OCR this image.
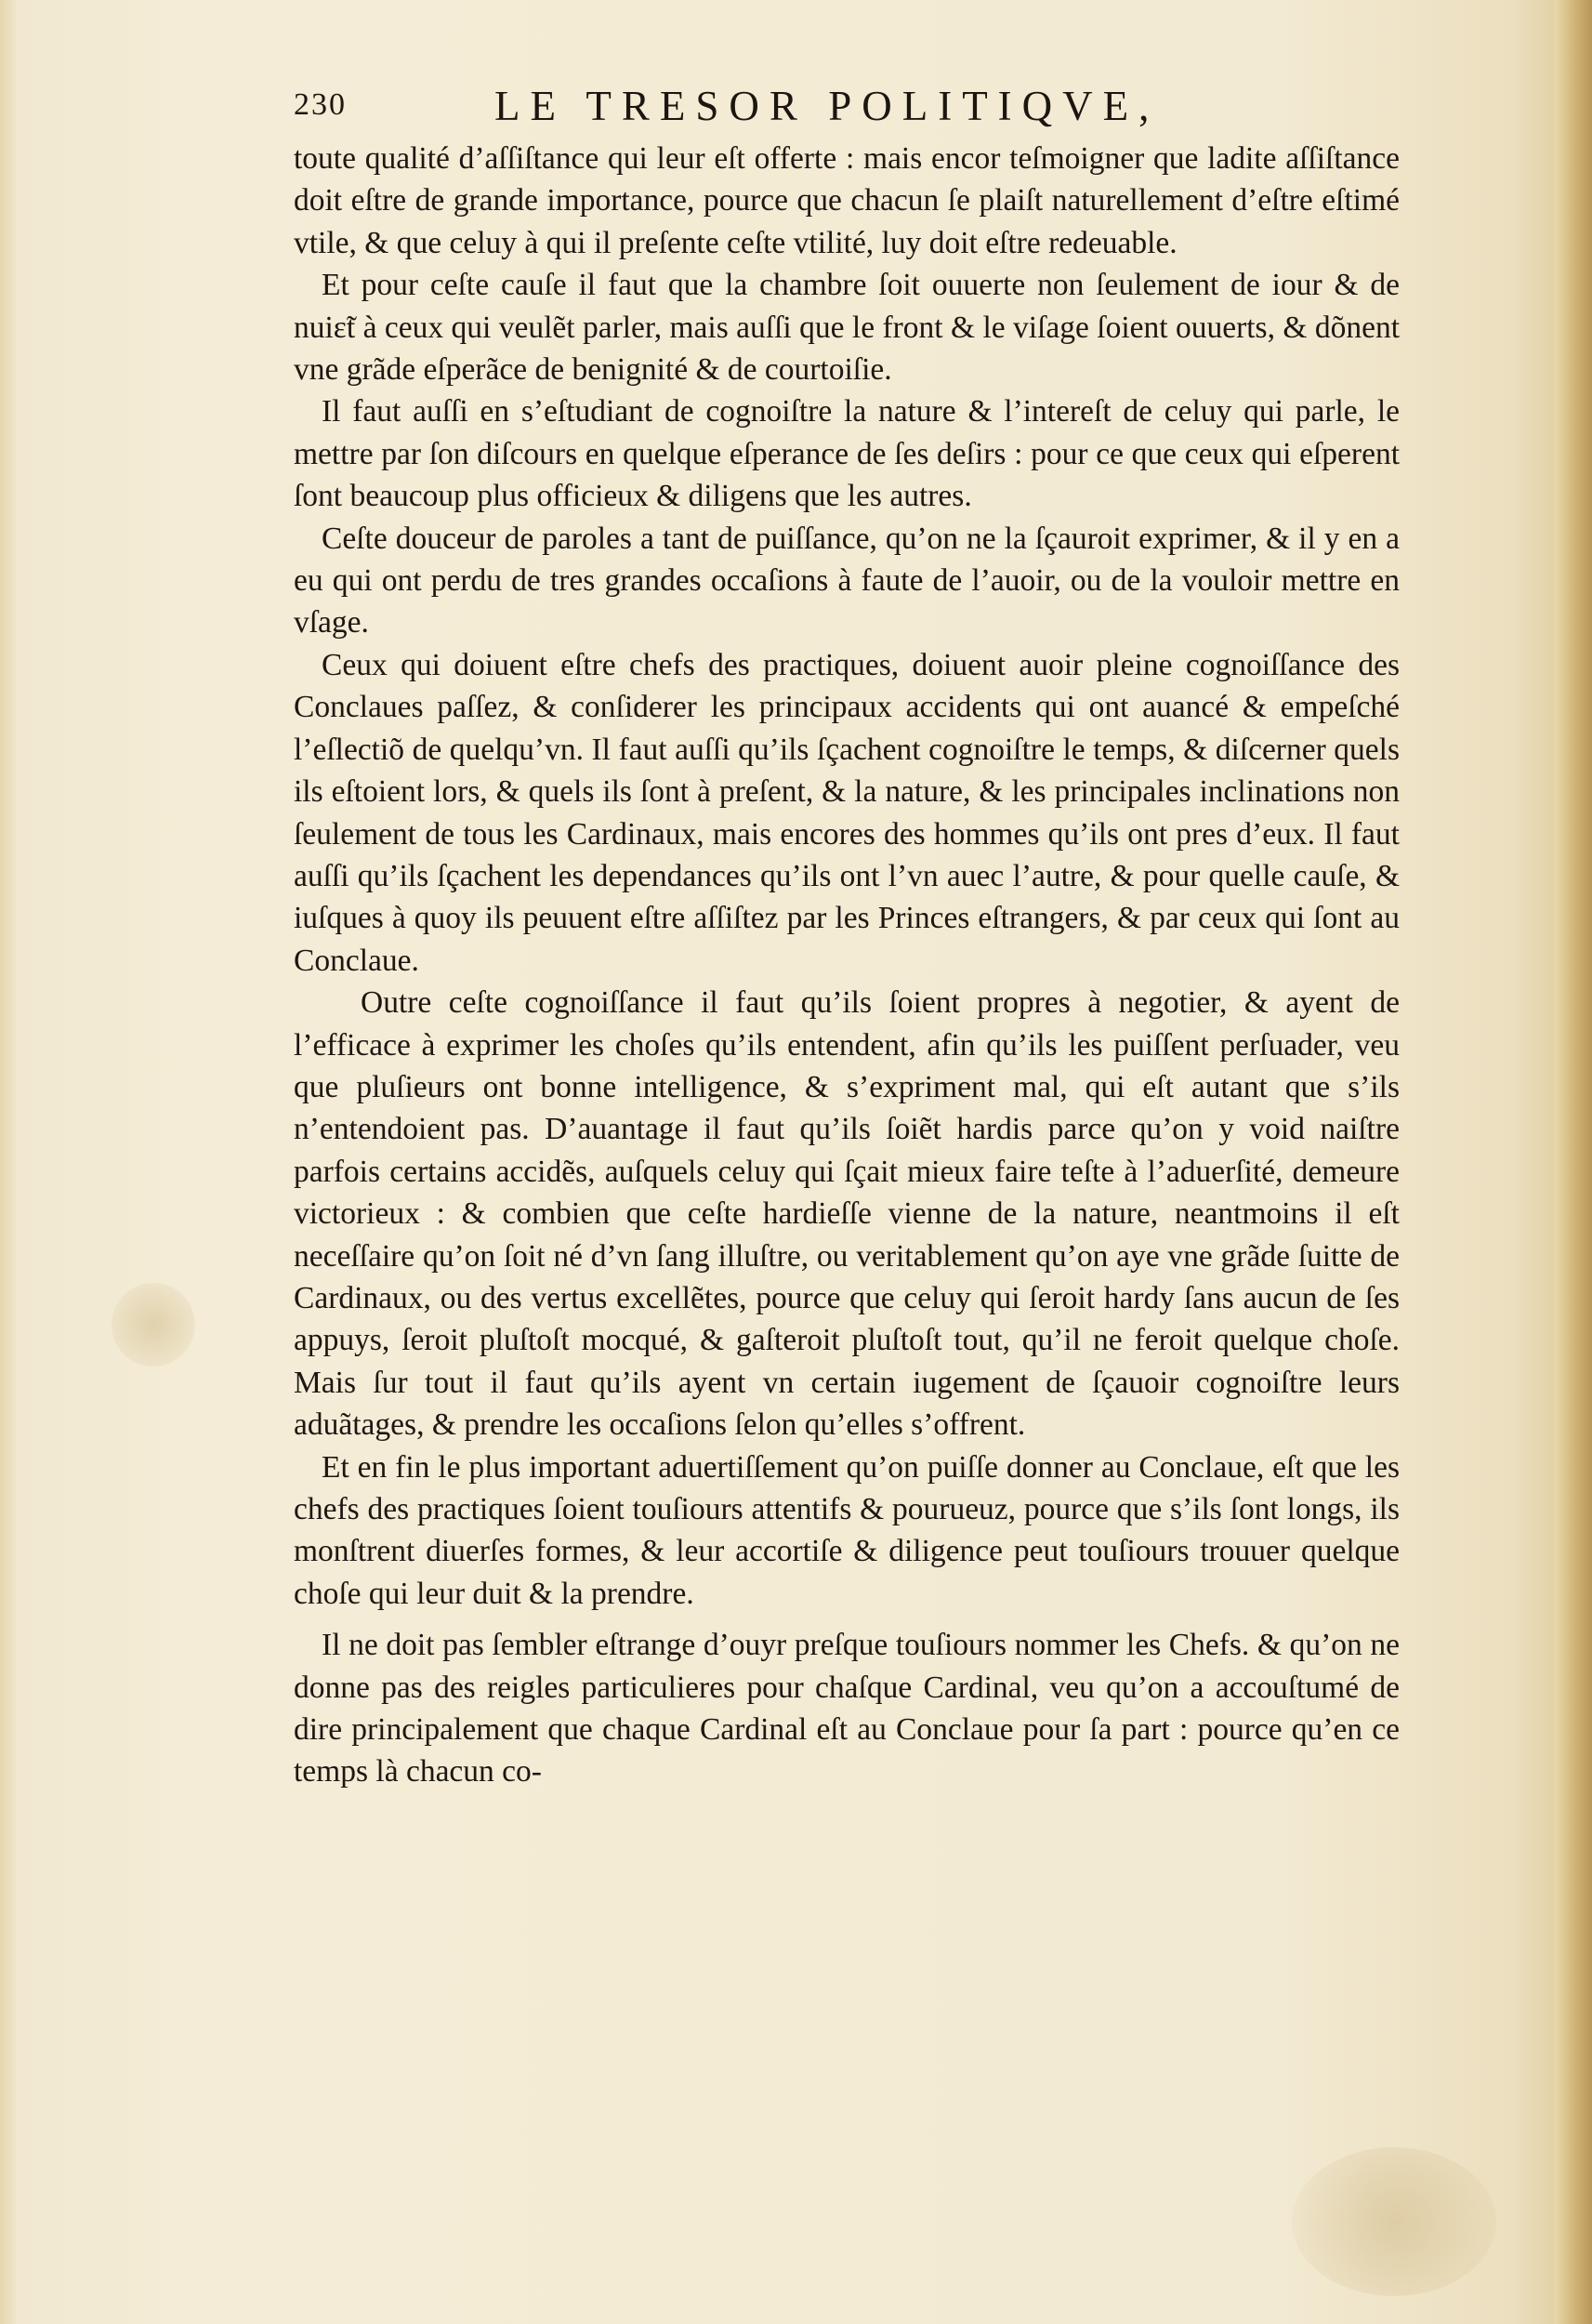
230	LE TRESOR POLITIQVE,

toute qualité d’aſſiſtance qui leur eſt offerte : mais encor teſmoigner que ladite aſſiſtance doit eſtre de grande importance, pource que chacun ſe plaiſt naturellement d’eſtre eſtimé vtile, & que celuy à qui il preſente ceſte vtilité, luy doit eſtre redeuable.

Et pour ceſte cauſe il faut que la chambre ſoit ouuerte non ſeulement de iour & de nuiɛ̃t à ceux qui veulẽt parler, mais auſſi que le front & le viſage ſoient ouuerts, & dõnent vne grãde eſperãce de benignité & de courtoiſie.

Il faut auſſi en s’eſtudiant de cognoiſtre la nature & l’intereſt de celuy qui parle, le mettre par ſon diſcours en quelque eſperance de ſes deſirs : pour ce que ceux qui eſperent ſont beaucoup plus officieux & diligens que les autres.

Ceſte douceur de paroles a tant de puiſſance, qu’on ne la ſçauroit exprimer, & il y en a eu qui ont perdu de tres grandes occaſions à faute de l’auoir, ou de la vouloir mettre en vſage.

Ceux qui doiuent eſtre chefs des practiques, doiuent auoir pleine cognoiſſance des Conclaues paſſez, & conſiderer les principaux accidents qui ont auancé & empeſché l’eſlectiõ de quelqu’vn. Il faut auſſi qu’ils ſçachent cognoiſtre le temps, & diſcerner quels ils eſtoient lors, & quels ils ſont à preſent, & la nature, & les principales inclinations non ſeulement de tous les Cardinaux, mais encores des hommes qu’ils ont pres d’eux. Il faut auſſi qu’ils ſçachent les dependances qu’ils ont l’vn auec l’autre, & pour quelle cauſe, & iuſques à quoy ils peuuent eſtre aſſiſtez par les Princes eſtrangers, & par ceux qui ſont au Conclaue.

Outre ceſte cognoiſſance il faut qu’ils ſoient propres à negotier, & ayent de l’efficace à exprimer les choſes qu’ils entendent, afin qu’ils les puiſſent perſuader, veu que pluſieurs ont bonne intelligence, & s’expriment mal, qui eſt autant que s’ils n’entendoient pas. D’auantage il faut qu’ils ſoiẽt hardis parce qu’on y void naiſtre parfois certains accidẽs, auſquels celuy qui ſçait mieux faire teſte à l’aduerſité, demeure victorieux : & combien que ceſte hardieſſe vienne de la nature, neantmoins il eſt neceſſaire qu’on ſoit né d’vn ſang illuſtre, ou veritablement qu’on aye vne grãde ſuitte de Cardinaux, ou des vertus excellẽtes, pource que celuy qui ſeroit hardy ſans aucun de ſes appuys, ſeroit pluſtoſt mocqué, & gaſteroit pluſtoſt tout, qu’il ne feroit quelque choſe. Mais ſur tout il faut qu’ils ayent vn certain iugement de ſçauoir cognoiſtre leurs aduãtages, & prendre les occaſions ſelon qu’elles s’offrent.

Et en fin le plus important aduertiſſement qu’on puiſſe donner au Conclaue, eſt que les chefs des practiques ſoient touſiours attentifs & pourueuz, pource que s’ils ſont longs, ils monſtrent diuerſes formes, & leur accortiſe & diligence peut touſiours trouuer quelque choſe qui leur duit & la prendre.

Il ne doit pas ſembler eſtrange d’ouyr preſque touſiours nommer les Chefs. & qu’on ne donne pas des reigles particulieres pour chaſque Cardinal, veu qu’on a accouſtumé de dire principalement que chaque Cardinal eſt au Conclaue pour ſa part : pource qu’en ce temps là chacun co-
